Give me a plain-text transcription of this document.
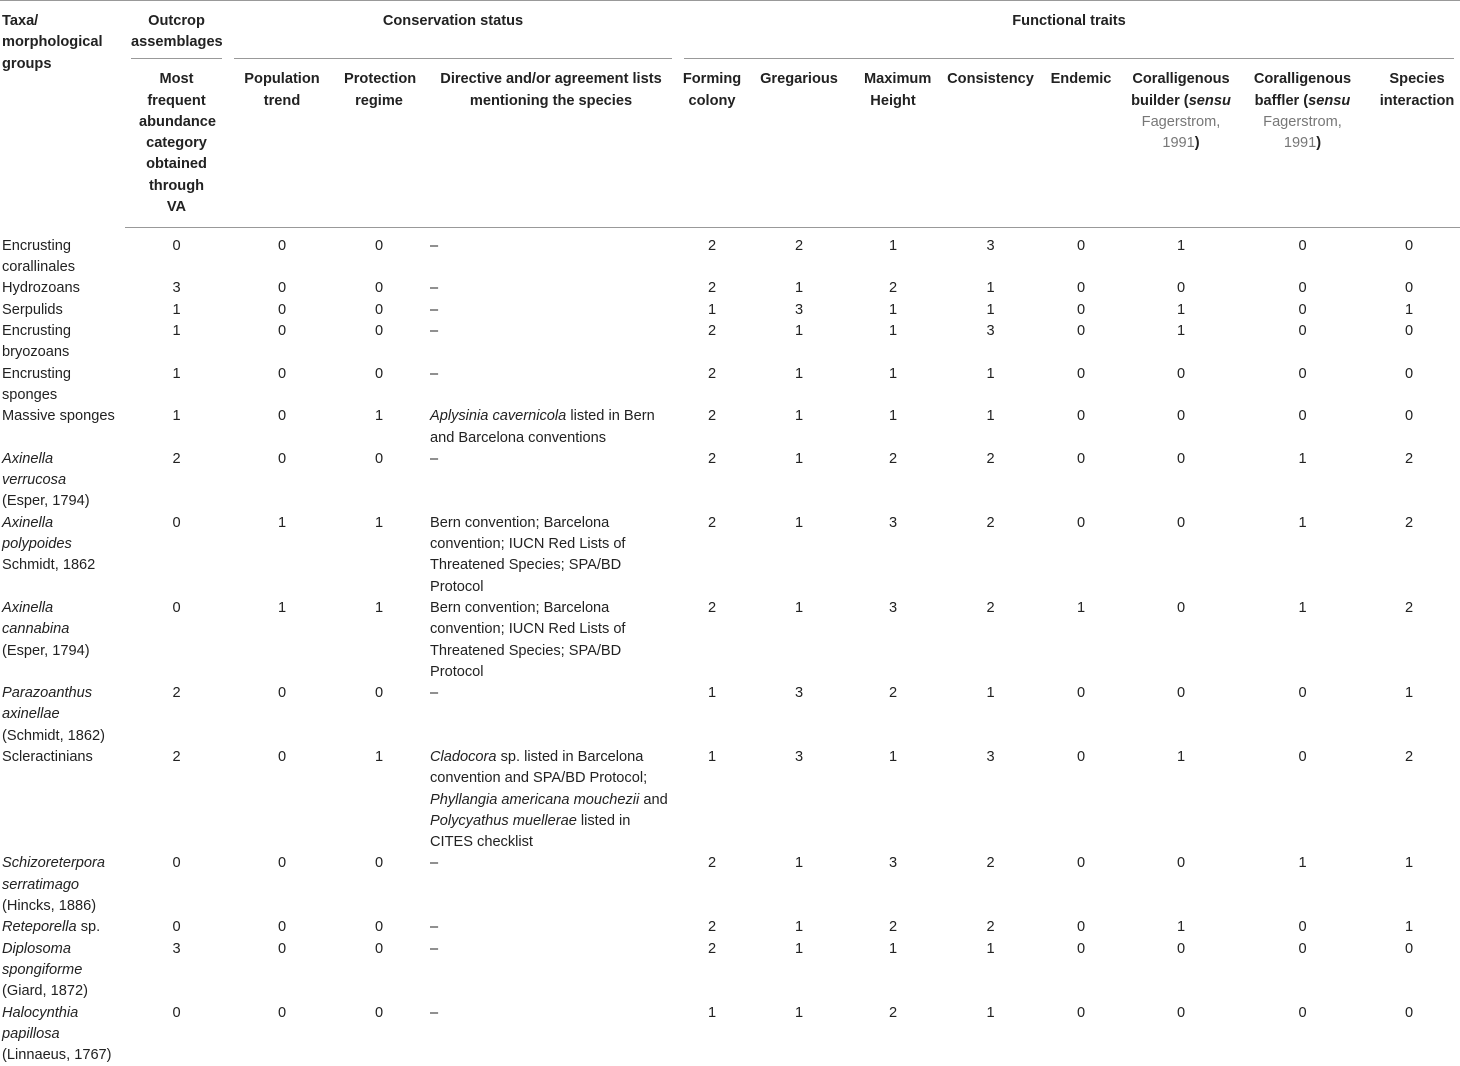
Taxa/ morphological groups	Outcrop assemblages	Conservation status			Functional traits							

	Most frequent abundance category obtained through VA	Population trend	Protection regime	Directive and/or agreement lists mentioning the species	Forming colony	Gregarious	Maximum Height	Consistency	Endemic	Coralligenous builder (sensu Fagerstrom, 1991)	Coralligenous baffler (sensu Fagerstrom, 1991)	Species interaction
Encrusting corallinales	0	0	0	–	2	2	1	3	0	1	0	0
Hydrozoans	3	0	0	–	2	1	2	1	0	0	0	0
Serpulids	1	0	0	–	1	3	1	1	0	1	0	1
Encrusting bryozoans	1	0	0	–	2	1	1	3	0	1	0	0
Encrusting sponges	1	0	0	–	2	1	1	1	0	0	0	0
Massive sponges	1	0	1	Aplysinia cavernicola listed in Bern and Barcelona conventions	2	1	1	1	0	0	0	0
Axinella verrucosa (Esper, 1794)	2	0	0	–	2	1	2	2	0	0	1	2
Axinella polypoides Schmidt, 1862	0	1	1	Bern convention; Barcelona convention; IUCN Red Lists of Threatened Species; SPA/BD Protocol	2	1	3	2	0	0	1	2
Axinella cannabina (Esper, 1794)	0	1	1	Bern convention; Barcelona convention; IUCN Red Lists of Threatened Species; SPA/BD Protocol	2	1	3	2	1	0	1	2
Parazoanthus axinellae (Schmidt, 1862)	2	0	0	–	1	3	2	1	0	0	0	1
Scleractinians	2	0	1	Cladocora sp. listed in Barcelona convention and SPA/BD Protocol; Phyllangia americana mouchezii and Polycyathus muellerae listed in CITES checklist	1	3	1	3	0	1	0	2
Schizoreterpora serratimago (Hincks, 1886)	0	0	0	–	2	1	3	2	0	0	1	1
Reteporella sp.	0	0	0	–	2	1	2	2	0	1	0	1
Diplosoma spongiforme (Giard, 1872)	3	0	0	–	2	1	1	1	0	0	0	0
Halocynthia papillosa (Linnaeus, 1767)	0	0	0	–	1	1	2	1	0	0	0	0
